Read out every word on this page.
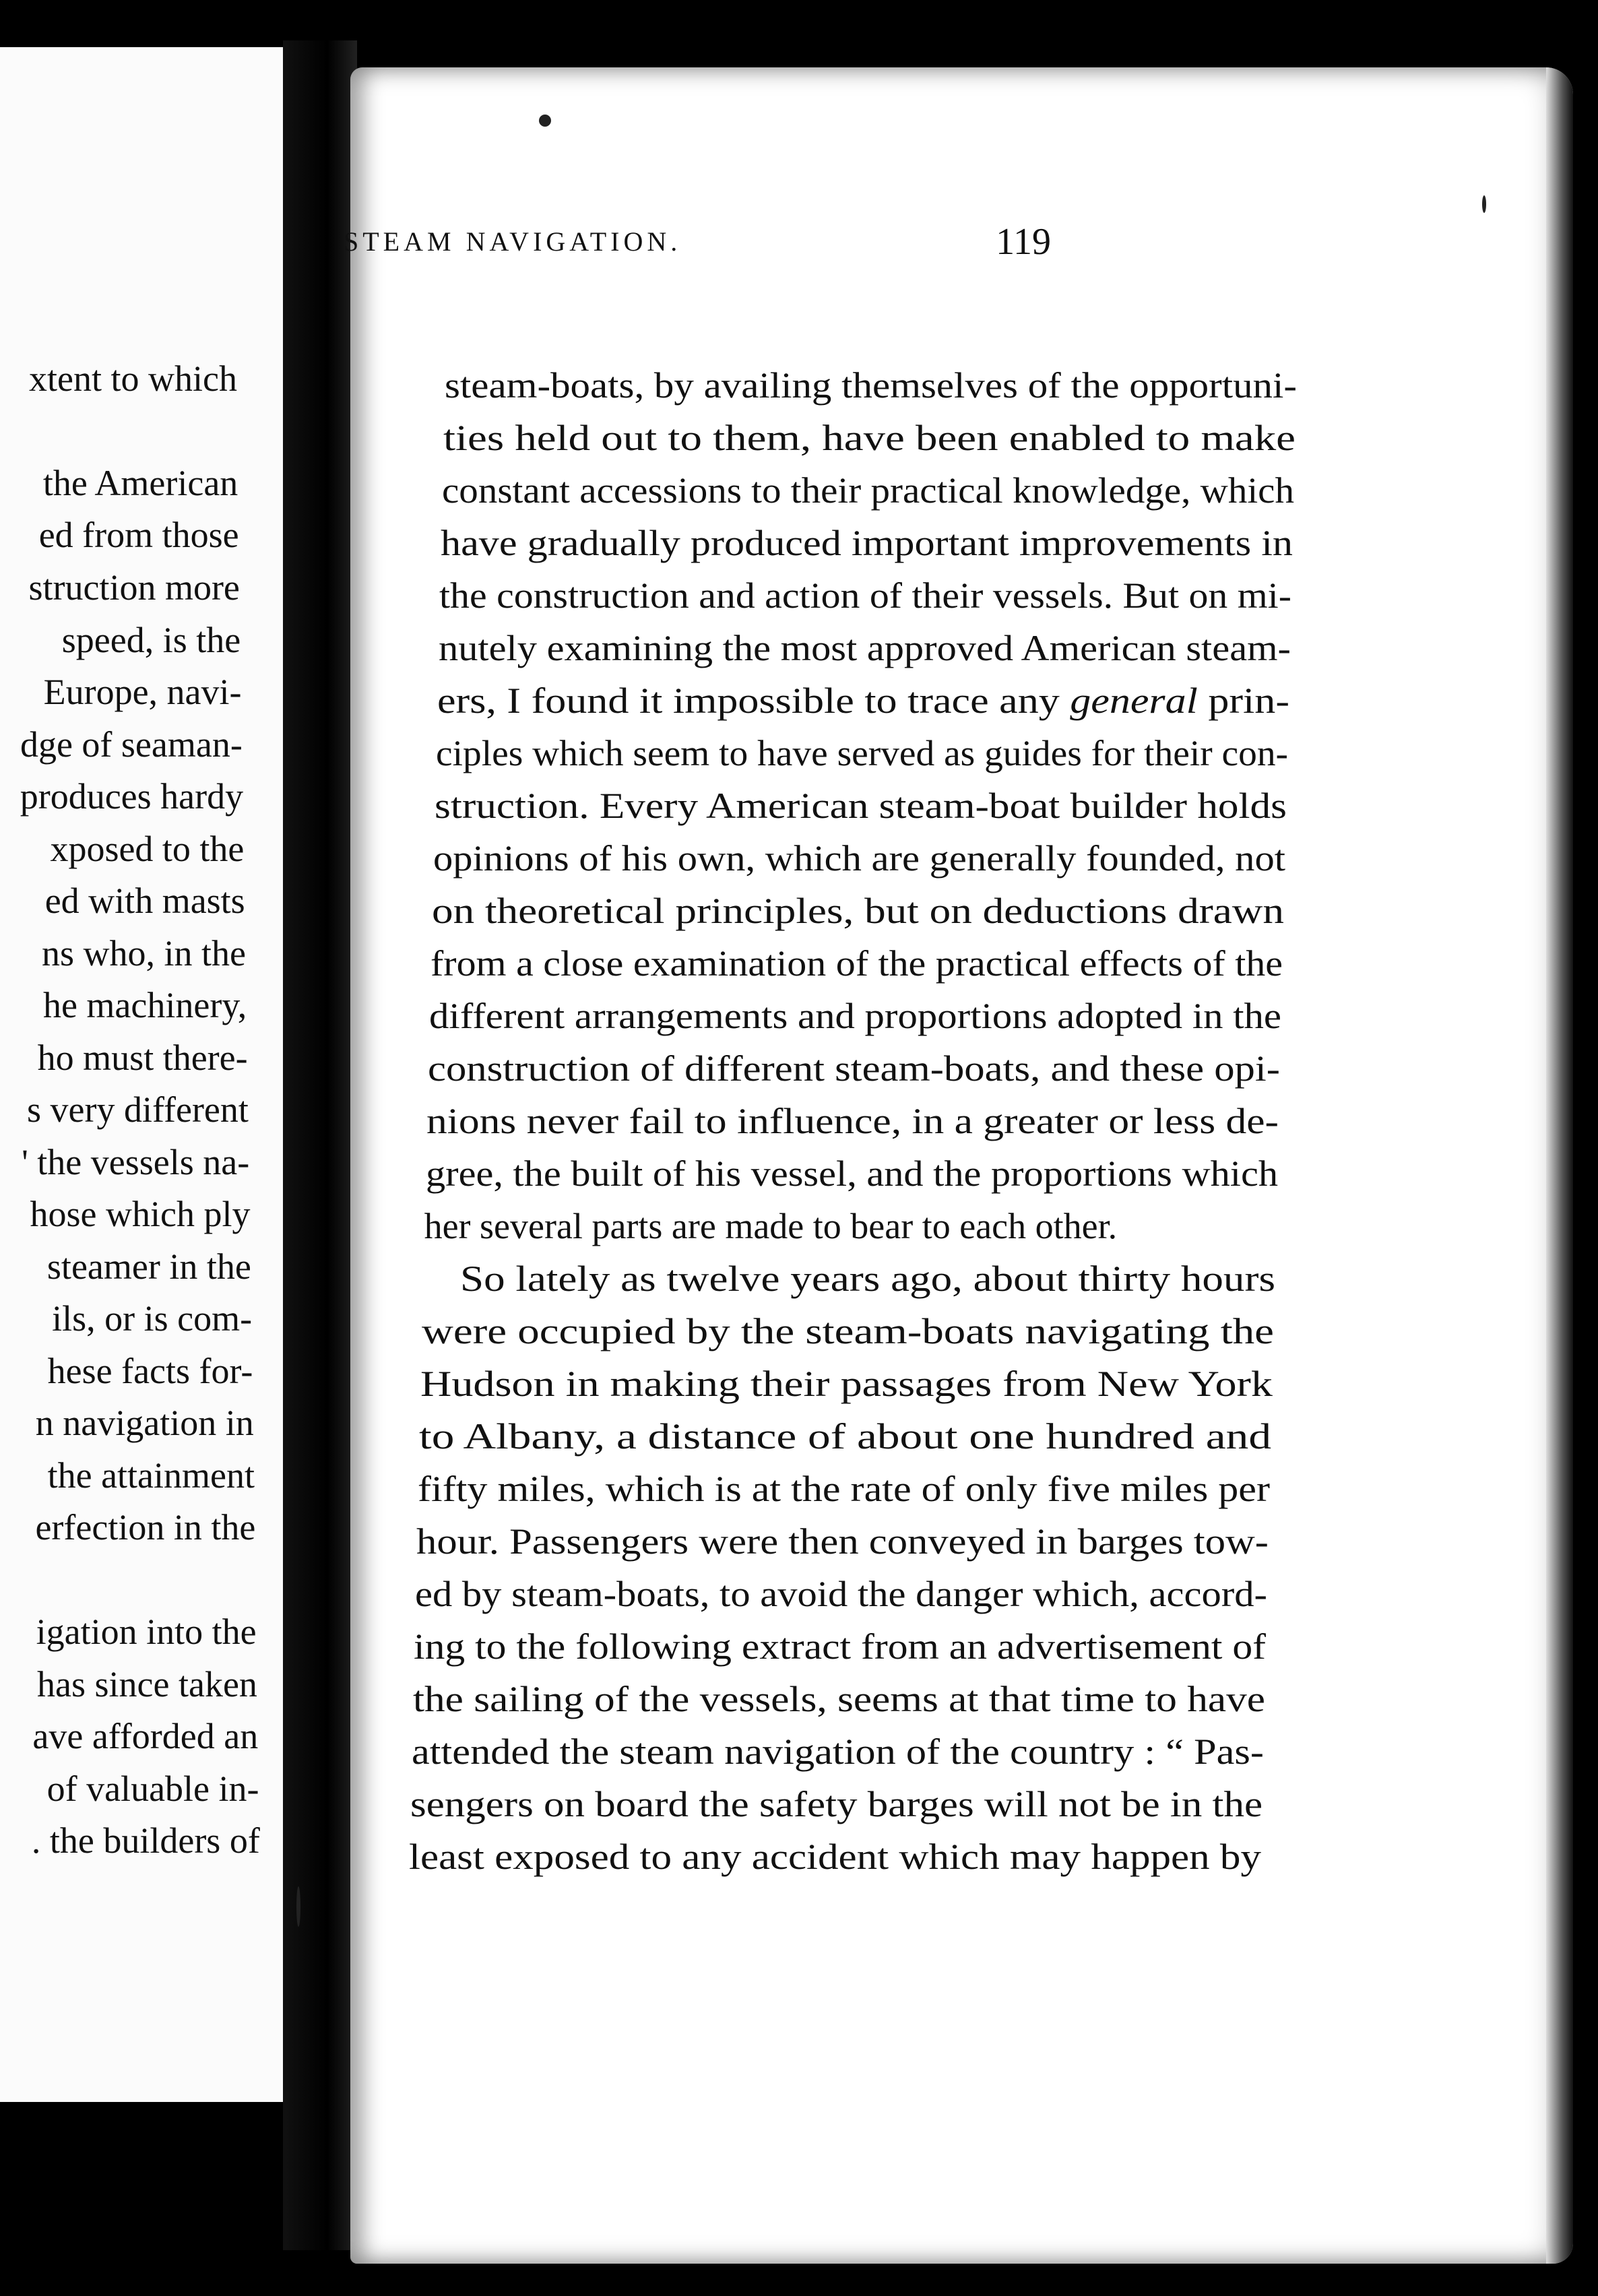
xtent to which
the American
ed from those
struction more
speed, is the
Europe, navi-
dge of seaman-
produces hardy
xposed to the
ed with masts
ns who, in the
he machinery,
ho must there-
s very different
' the vessels na-
hose which ply
steamer in the
ils, or is com-
hese facts for-
n navigation in
the attainment
erfection in the
igation into the
has since taken
ave afforded an
of valuable in-
. the builders of
STEAM NAVIGATION.	119
steam-boats, by availing themselves of the opportuni-
ties held out to them, have been enabled to make
constant accessions to their practical knowledge, which
have gradually produced important improvements in
the construction and action of their vessels. But on mi-
nutely examining the most approved American steam-
ers, I found it impossible to trace any general prin-
ciples which seem to have served as guides for their con-
struction. Every American steam-boat builder holds
opinions of his own, which are generally founded, not
on theoretical principles, but on deductions drawn
from a close examination of the practical effects of the
different arrangements and proportions adopted in the
construction of different steam-boats, and these opi-
nions never fail to influence, in a greater or less de-
gree, the built of his vessel, and the proportions which
her several parts are made to bear to each other.
So lately as twelve years ago, about thirty hours
were occupied by the steam-boats navigating the
Hudson in making their passages from New York
to Albany, a distance of about one hundred and
fifty miles, which is at the rate of only five miles per
hour. Passengers were then conveyed in barges tow-
ed by steam-boats, to avoid the danger which, accord-
ing to the following extract from an advertisement of
the sailing of the vessels, seems at that time to have
attended the steam navigation of the country : “ Pas-
sengers on board the safety barges will not be in the
least exposed to any accident which may happen by
